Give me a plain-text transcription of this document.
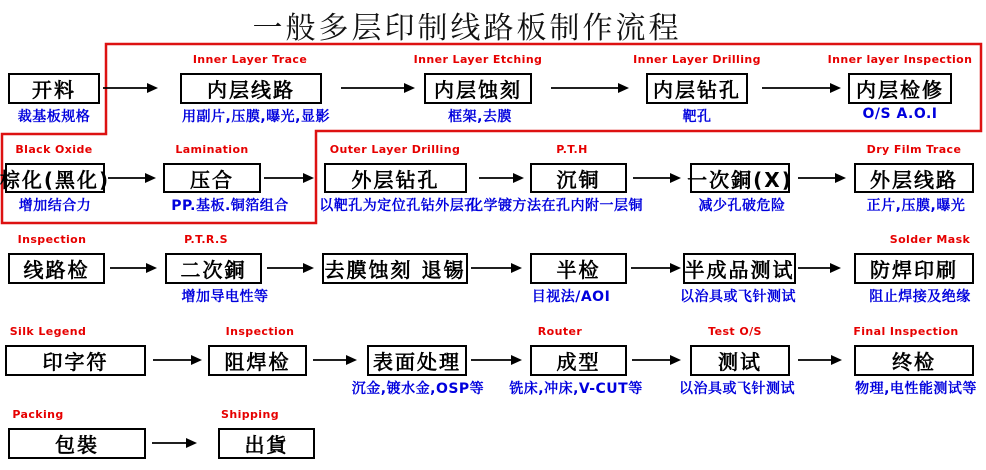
一般多层印制线路板制作流程
开料
裁基板规格
内层线路
Inner Layer Trace
用副片,压膜,曝光,显影
内层蚀刻
Inner Layer Etching
框架,去膜
内层钻孔
Inner Layer Drilling
靶孔
内层检修
Inner layer Inspection
O/S A.O.I
棕化(黑化)
Black Oxide
增加结合力
压合
Lamination
PP.基板.铜箔组合
外层钻孔
Outer Layer Drilling
以靶孔为定位孔钻外层孔
沉铜
P.T.H
化学镀方法在孔内附一层铜
一次銅(X)
减少孔破危险
外层线路
Dry Film Trace
正片,压膜,曝光
线路检
Inspection
二次銅
P.T.R.S
增加导电性等
去膜蚀刻 退锡	半检
目视法/AOI
半成品测试
以治具或飞针测试
防焊印刷
Solder Mask
阻止焊接及绝缘
印字符
Silk Legend
阻焊检
Inspection
表面处理
沉金,镀水金,OSP等
成型
Router
铣床,冲床,V-CUT等
测试
Test O/S
以治具或飞针测试
终检
Final Inspection
物理,电性能测试等
包裝
Packing
出貨
Shipping
